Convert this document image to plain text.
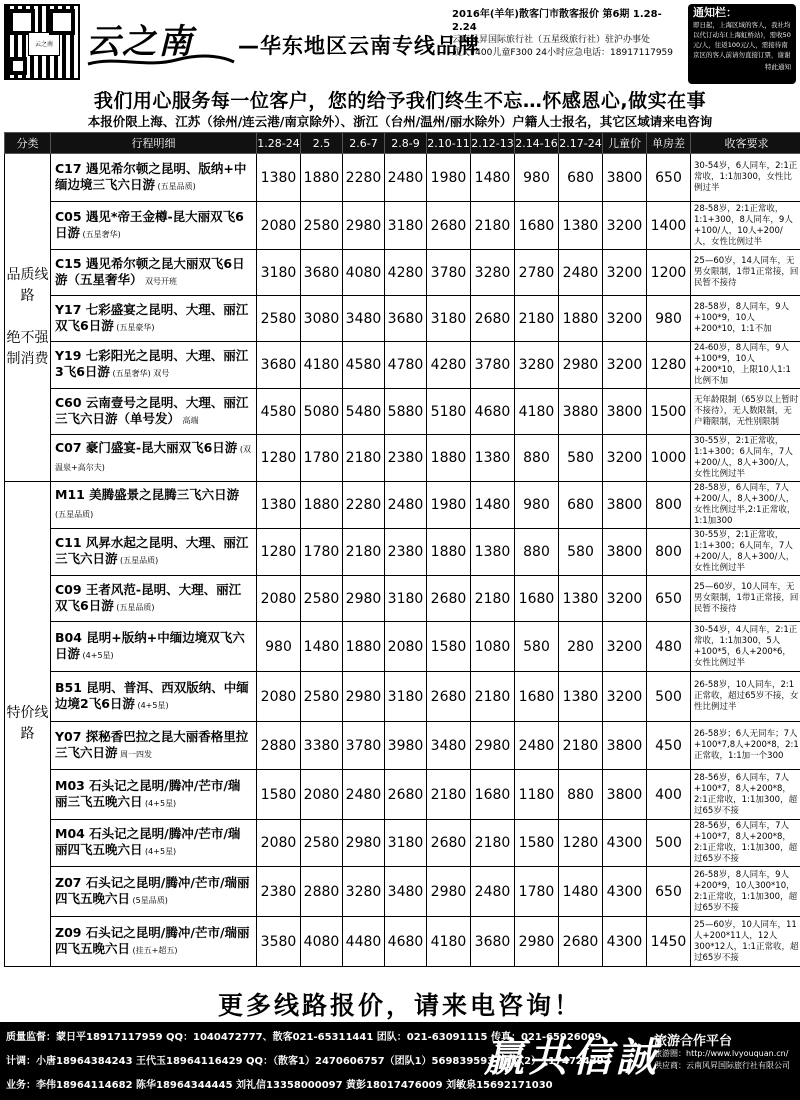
云之南 云之南	—华东地区云南专线品牌
2016年(羊年)散客门市散客报价 第6期 1.28-2.24
云南风昇国际旅行社（五星级旅行社）驻沪办事处
成人F400儿童F300 24小时应急电话：18917117959
通知栏：
即日起，上海区域的客人，我社均以代订动车(上海虹桥站)，需收50元/人，往返100元/人，需接待南京区的客人前请勿直接订票，谢谢
特此通知
我们用心服务每一位客户，您的给予我们终生不忘…怀感恩心,做实在事
本报价限上海、江苏（徐州/连云港/南京除外）、浙江（台州/温州/丽水除外）户籍人士报名，其它区域请来电咨询
分类	行程明细	1.28-24	2.5	2.6-7	2.8-9	2.10-11	2.12-13	2.14-16	2.17-24	儿童价	单房差	收客要求
品质线路

绝不强制消费	C17 遇见希尔顿之昆明、版纳+中缅边境三飞六日游 (五星品质)	1380	1880	2280	2480	1980	1480	980	680	3800	650	30-54岁，6人同车，2:1正常收，1:1加300，女性比例过半
	C05 遇见*帝王金樽-昆大丽双飞6日游 (五星奢华)	2080	2580	2980	3180	2680	2180	1680	1380	3200	1400	28-58岁，2:1正常收，1:1+300，8人同车，9人+100/人，10人+200/人，女性比例过半
	C15 遇见希尔顿之昆大丽双飞6日游（五星奢华） 双号开班	3180	3680	4080	4280	3780	3280	2780	2480	3200	1200	25—60岁，14人同车，无男女限制，1带1正常接，回民暂不接待
	Y17 七彩盛宴之昆明、大理、丽江双飞6日游 (五星豪华)	2580	3080	3480	3680	3180	2680	2180	1880	3200	980	28-58岁，8人同车，9人+100*9，10人+200*10，1:1不加
	Y19 七彩阳光之昆明、大理、丽江3飞6日游 (五星奢华) 双号	3680	4180	4580	4780	4280	3780	3280	2980	3200	1280	24-60岁，8人同车，9人+100*9，10人+200*10，上限10人1:1比例不加
	C60 云南壹号之昆明、大理、丽江三飞六日游（单号发） 高端	4580	5080	5480	5880	5180	4680	4180	3880	3800	1500	无年龄限制（65岁以上暂时不接待），无人数限制，无户籍限制，无性别限制
	C07 豪门盛宴-昆大丽双飞6日游 (双温泉+高尔夫)	1280	1780	2180	2380	1880	1380	880	580	3200	1000	30-55岁，2:1正常收，1:1+300；6人同车，7人+200/人，8人+300/人，女性比例过半
特价线路	M11 美腾盛景之昆腾三飞六日游 (五星品质)	1380	1880	2280	2480	1980	1480	980	680	3800	800	28-58岁，6人同车，7人+200/人，8人+300/人，女性比例过半,2:1正常收，1:1加300
	C11 风昇水起之昆明、大理、丽江三飞六日游 (五星品质)	1280	1780	2180	2380	1880	1380	880	580	3800	800	30-55岁，2:1正常收，1:1+300；6人同车，7人+200/人，8人+300/人，女性比例过半
	C09 王者风范-昆明、大理、丽江双飞6日游 (五星品质)	2080	2580	2980	3180	2680	2180	1680	1380	3200	650	25—60岁，10人同车，无男女限制，1带1正常接，回民暂不接待
	B04 昆明+版纳+中缅边境双飞六日游 (4+5星)	980	1480	1880	2080	1580	1080	580	280	3200	480	30-54岁，4人同车，2:1正常收，1:1加300，5人+100*5，6人+200*6，女性比例过半
	B51 昆明、普洱、西双版纳、中缅边境2飞6日游 (4+5星)	2080	2580	2980	3180	2680	2180	1680	1380	3200	500	26-58岁，10人同车，2:1正常收，超过65岁不接，女性比例过半
	Y07 探秘香巴拉之昆大丽香格里拉三飞六日游 周一四发	2880	3380	3780	3980	3480	2980	2480	2180	3800	450	26-58岁；6人无同车；7人+100*7,8人+200*8，2:1正常收，1:1加一个300
	M03 石头记之昆明/腾冲/芒市/瑞丽三飞五晚六日 (4+5星)	1580	2080	2480	2680	2180	1680	1180	880	3800	400	28-56岁，6人同车，7人+100*7，8人+200*8，2:1正常收，1:1加300，超过65岁不接
	M04 石头记之昆明/腾冲/芒市/瑞丽四飞五晚六日 (4+5星)	2080	2580	2980	3180	2680	2180	1580	1280	4300	500	28-56岁，6人同车，7人+100*7，8人+200*8，2:1正常收，1:1加300，超过65岁不接
	Z07 石头记之昆明/腾冲/芒市/瑞丽四飞五晚六日 (5星品质)	2380	2880	3280	3480	2980	2480	1780	1480	4300	650	26-58岁，8人同车，9人+200*9，10人300*10，2:1正常收，1:1加300，超过65岁不接
	Z09 石头记之昆明/腾冲/芒市/瑞丽四飞五晚六日 (挂五+超五)	3580	4080	4480	4680	4180	3680	2980	2680	4300	1450	25—60岁，10人同车，11人+200*11人，12人300*12人，1:1正常收，超过65岁不接
更多线路报价，请来电咨询！
质量监督：蒙日平18917117959 QQ：1040472777、散客021-65311441 团队：021-63091115 传真：021-65926009
计调：小唐18964384243 王代玉18964116429 QQ：（散客1）2470606757（团队1）569839593（团队2）1174724392
业务：李伟18964114682 陈华18964344445 刘礼信13358000097 黄彭18017476009 刘敏泉15692171030
赢共信誠
旅游合作平台
旅游圈：http://www.lvyouquan.cn/
供应商：云南风昇国际旅行社有限公司
